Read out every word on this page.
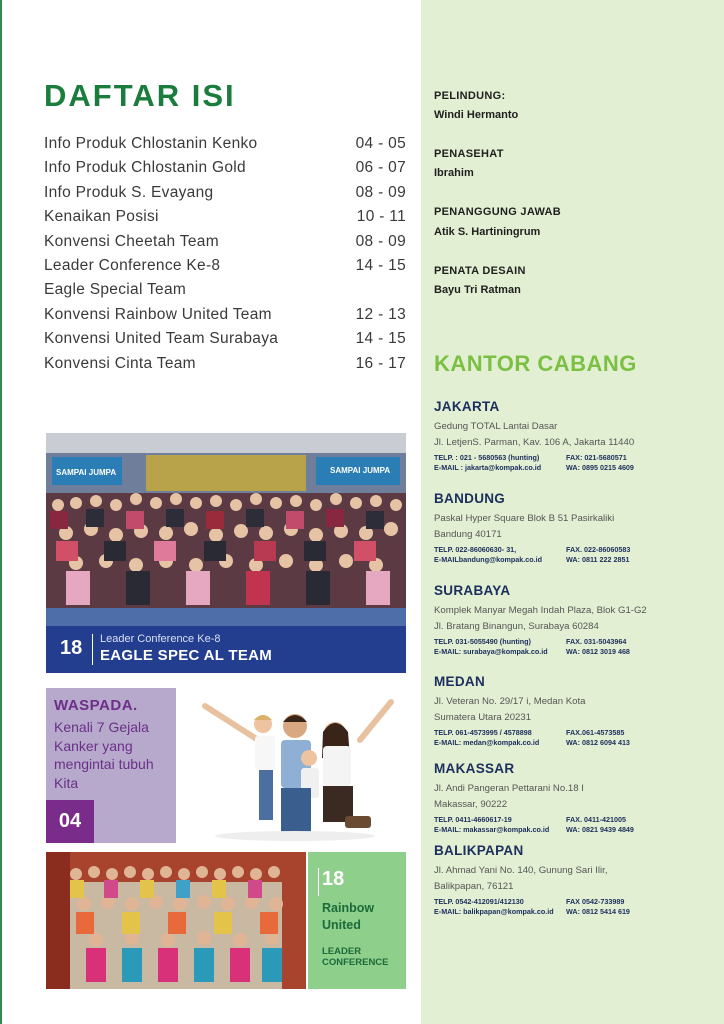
DAFTAR ISI
Info Produk Chlostanin Kenko	04 - 05
Info Produk Chlostanin Gold	06 - 07
Info Produk S. Evayang	08 - 09
Kenaikan Posisi	10 - 11
Konvensi Cheetah Team	08 - 09
Leader Conference Ke-8	14 - 15
Eagle Special Team
Konvensi Rainbow United Team	12 - 13
Konvensi United Team Surabaya	14 - 15
Konvensi Cinta Team	16 - 17
SAMPAI JUMPA	SAMPAI JUMPA
18 Leader Conference Ke-8
EAGLE SPEC AL TEAM
WASPADA.
Kenali 7 Gejala Kanker yang mengintai tubuh Kita
04
18
Rainbow United
LEADER CONFERENCE
PELINDUNG:
Windi Hermanto
PENASEHAT
Ibrahim
PENANGGUNG JAWAB
Atik S. Hartiningrum
PENATA DESAIN
Bayu Tri Ratman
KANTOR CABANG
JAKARTA
Gedung TOTAL Lantai Dasar
Jl. LetjenS. Parman, Kav. 106 A, Jakarta 11440
TELP. : 021 - 5680563 (hunting)	FAX: 021-5680571
E-MAIL : jakarta@kompak.co.id	WA: 0895 0215 4609
BANDUNG
Paskal Hyper Square Blok B 51 Pasirkaliki
Bandung 40171
TELP. 022-86060630- 31,	FAX. 022-86060583
E-MAILbandung@kompak.co.id	WA: 0811 222 2851
SURABAYA
Komplek Manyar Megah Indah Plaza, Blok G1-G2
Jl. Bratang Binangun, Surabaya 60284
TELP. 031-5055490 (hunting)	FAX. 031-5043964
E-MAIL: surabaya@kompak.co.id	WA: 0812 3019 468
MEDAN
Jl. Veteran No. 29/17 i, Medan Kota
Sumatera Utara 20231
TELP. 061-4573995 / 4578898	FAX.061-4573585
E-MAIL: medan@kompak.co.id	WA: 0812 6094 413
MAKASSAR
Jl. Andi Pangeran Pettarani No.18 I
Makassar, 90222
TELP. 0411-4660617-19	FAX. 0411-421005
E-MAIL: makassar@kompak.co.id	WA: 0821 9439 4849
BALIKPAPAN
Jl. Ahmad Yani No. 140, Gunung Sari Ilir,
Balikpapan, 76121
TELP. 0542-412091/412130	FAX 0542-733989
E-MAIL: balikpapan@kompak.co.id	WA: 0812 5414 619
